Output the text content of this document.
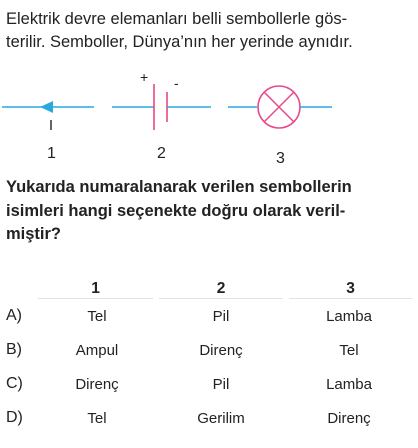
Elektrik devre elemanları belli sembollerle gös-
terilir. Semboller, Dünya’nın her yerinde aynıdır.

+ -
1	2	3

Yukarıda numaralanarak verilen sembollerin
isimleri hangi seçenekte doğru olarak veril-
miştir?

	1	2	3
A)	Tel	Pil	Lamba
B)	Ampul	Direnç	Tel
C)	Direnç	Pil	Lamba
D)	Tel	Gerilim	Direnç
